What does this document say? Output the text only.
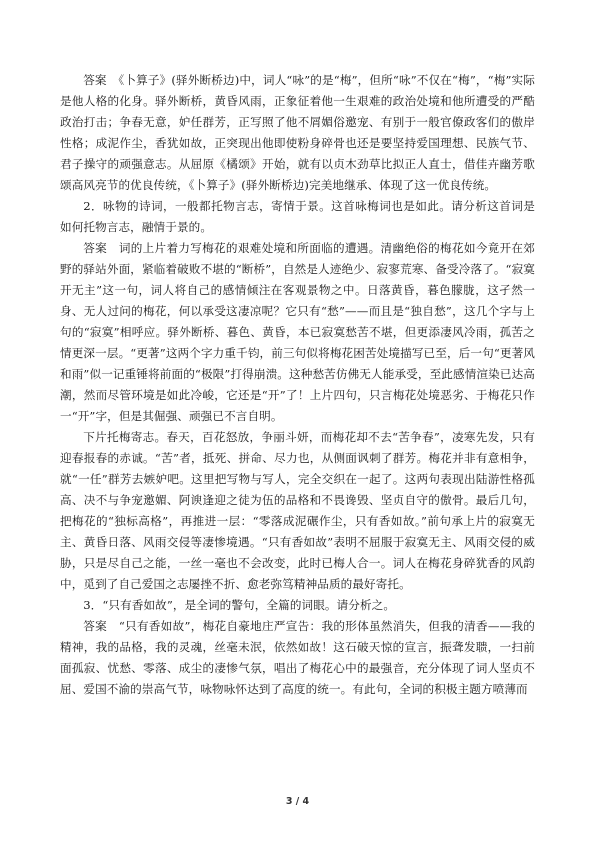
答案　《卜算子》(驿外断桥边)中，词人“咏”的是“梅”，但所“咏”不仅在“梅”，“梅”实际是他人格的化身。驿外断桥，黄昏风雨，正象征着他一生艰难的政治处境和他所遭受的严酷政治打击；争春无意，妒任群芳，正写照了他不屑媚俗邀宠、有别于一般官僚政客们的傲岸性格；成泥作尘，香犹如故，正突现出他即使粉身碎骨也还是要坚持爱国理想、民族气节、君子操守的顽强意志。从屈原《橘颂》开始，就有以贞木劲草比拟正人直士，借佳卉幽芳歌颂高风亮节的优良传统，《卜算子》(驿外断桥边)完美地继承、体现了这一优良传统。

2．咏物的诗词，一般都托物言志，寄情于景。这首咏梅词也是如此。请分析这首词是如何托物言志，融情于景的。

答案　词的上片着力写梅花的艰难处境和所面临的遭遇。清幽绝俗的梅花如今竟开在郊野的驿站外面，紧临着破败不堪的“断桥”，自然是人迹绝少、寂寥荒寒、备受冷落了。“寂寞开无主”这一句，词人将自己的感情倾注在客观景物之中。日落黄昏，暮色朦胧，这孑然一身、无人过问的梅花，何以承受这凄凉呢？它只有“愁”——而且是“独自愁”，这几个字与上句的“寂寞”相呼应。驿外断桥、暮色、黄昏，本已寂寞愁苦不堪，但更添凄风冷雨，孤苦之情更深一层。“更著”这两个字力重千钧，前三句似将梅花困苦处境描写已至，后一句“更著风和雨”似一记重锤将前面的“极限”打得崩溃。这种愁苦仿佛无人能承受，至此感情渲染已达高潮，然而尽管环境是如此冷峻，它还是“开”了！上片四句，只言梅花处境恶劣、于梅花只作一“开”字，但是其倔强、顽强已不言自明。

下片托梅寄志。春天，百花怒放，争丽斗妍，而梅花却不去“苦争春”，凌寒先发，只有迎春报春的赤诚。“苦”者，抵死、拼命、尽力也，从侧面讽刺了群芳。梅花并非有意相争，就“一任”群芳去嫉妒吧。这里把写物与写人，完全交织在一起了。这两句表现出陆游性格孤高、决不与争宠邀媚、阿谀逢迎之徒为伍的品格和不畏谗毁、坚贞自守的傲骨。最后几句，把梅花的“独标高格”，再推进一层：“零落成泥碾作尘，只有香如故。”前句承上片的寂寞无主、黄昏日落、风雨交侵等凄惨境遇。“只有香如故”表明不屈服于寂寞无主、风雨交侵的威胁，只是尽自己之能，一丝一毫也不会改变，此时已梅人合一。词人在梅花身碎犹香的风韵中，觅到了自己爱国之志屡挫不折、愈老弥笃精神品质的最好寄托。

3．“只有香如故”，是全词的警句，全篇的词眼。请分析之。

答案　“只有香如故”，梅花自豪地庄严宣告：我的形体虽然消失，但我的清香——我的精神，我的品格，我的灵魂，丝毫未泯，依然如故！这石破天惊的宣言，振聋发聩，一扫前面孤寂、忧愁、零落、成尘的凄惨气氛，唱出了梅花心中的最强音，充分体现了词人坚贞不屈、爱国不渝的崇高气节，咏物咏怀达到了高度的统一。有此句，全词的积极主题方喷薄而

3 / 4
